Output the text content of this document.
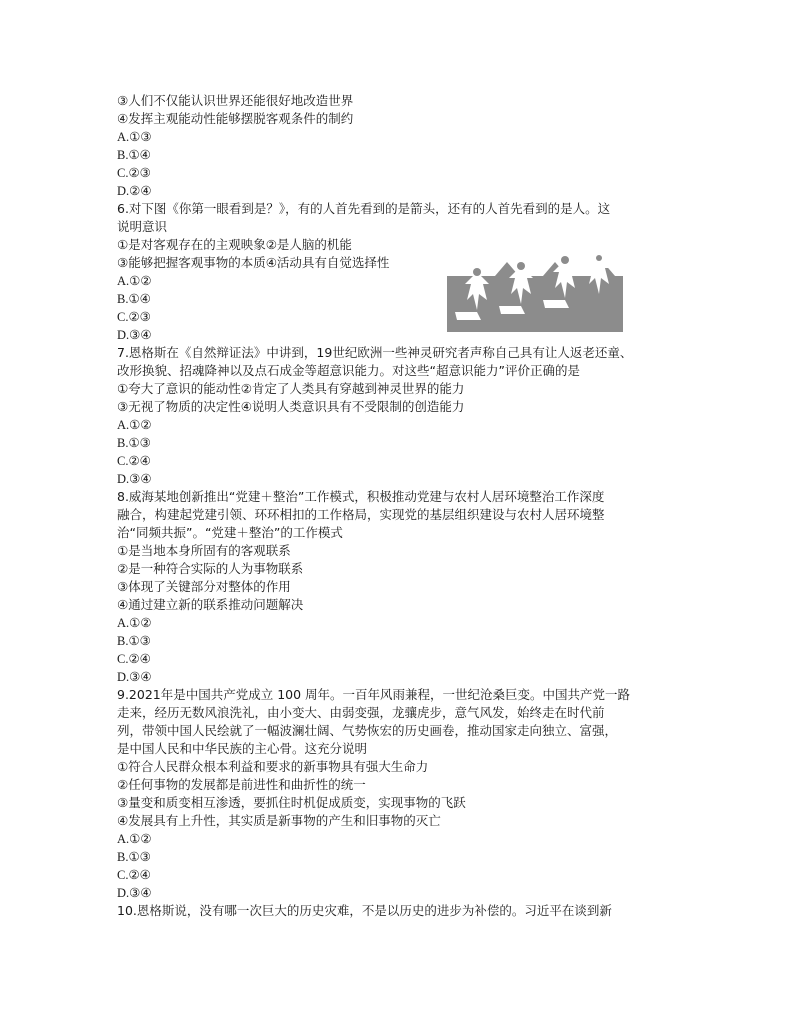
③人们不仅能认识世界还能很好地改造世界
④发挥主观能动性能够摆脱客观条件的制约
A.①③
B.①④
C.②③
D.②④
6.对下图《你第一眼看到是？》，有的人首先看到的是箭头，还有的人首先看到的是人。这
说明意识
①是对客观存在的主观映象②是人脑的机能
③能够把握客观事物的本质④活动具有自觉选择性
A.①②
B.①④
C.②③
D.③④
7.恩格斯在《自然辩证法》中讲到，19世纪欧洲一些神灵研究者声称自己具有让人返老还童、
改形换貌、招魂降神以及点石成金等超意识能力。对这些“超意识能力”评价正确的是
①夸大了意识的能动性②肯定了人类具有穿越到神灵世界的能力
③无视了物质的决定性④说明人类意识具有不受限制的创造能力
A.①②
B.①③
C.②④
D.③④
8.威海某地创新推出“党建＋整治”工作模式，积极推动党建与农村人居环境整治工作深度
融合，构建起党建引领、环环相扣的工作格局，实现党的基层组织建设与农村人居环境整
治“同频共振”。“党建＋整治”的工作模式
①是当地本身所固有的客观联系
②是一种符合实际的人为事物联系
③体现了关键部分对整体的作用
④通过建立新的联系推动问题解决
A.①②
B.①③
C.②④
D.③④
9.2021年是中国共产党成立 100 周年。一百年风雨兼程，一世纪沧桑巨变。中国共产党一路
走来，经历无数风浪洗礼，由小变大、由弱变强，龙骧虎步，意气风发，始终走在时代前
列，带领中国人民绘就了一幅波澜壮阔、气势恢宏的历史画卷，推动国家走向独立、富强，
是中国人民和中华民族的主心骨。这充分说明
①符合人民群众根本利益和要求的新事物具有强大生命力
②任何事物的发展都是前进性和曲折性的统一
③量变和质变相互渗透，要抓住时机促成质变，实现事物的飞跃
④发展具有上升性，其实质是新事物的产生和旧事物的灭亡
A.①②
B.①③
C.②④
D.③④
10.恩格斯说，没有哪一次巨大的历史灾难，不是以历史的进步为补偿的。习近平在谈到新
